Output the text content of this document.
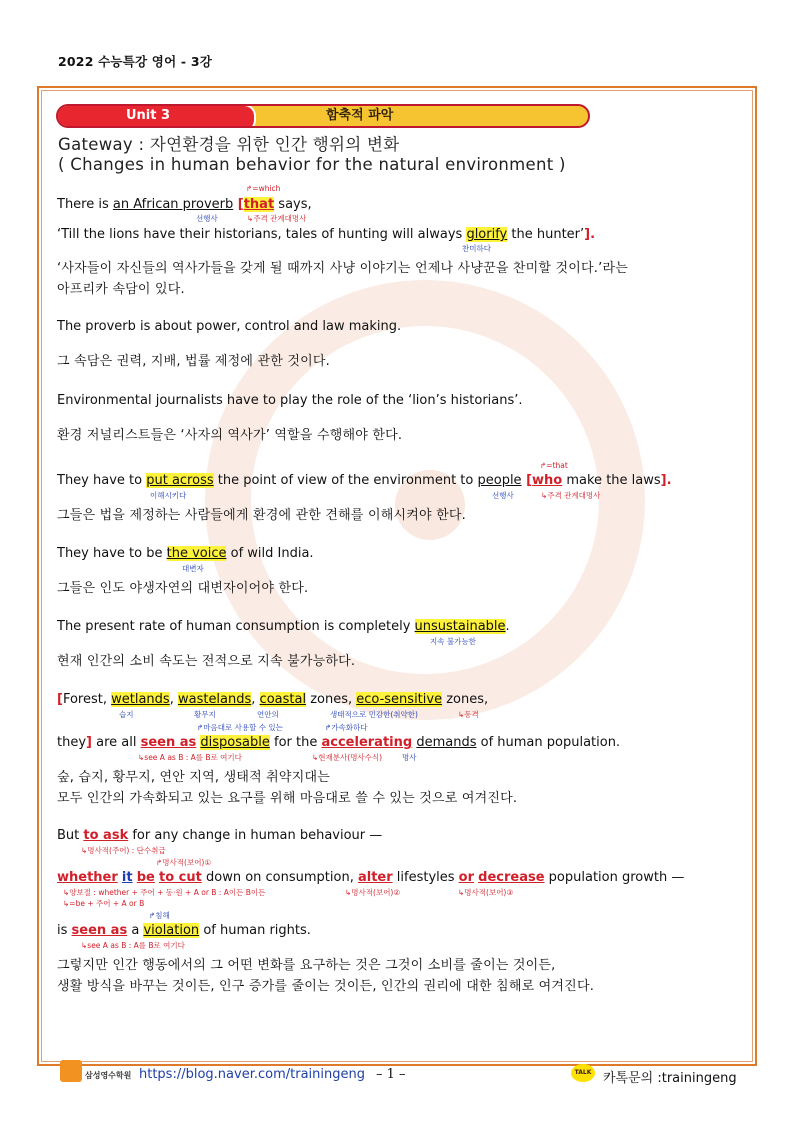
2022 수능특강 영어 - 3강
Unit 3	함축적 파악
Gateway : 자연환경을 위한 인간 행위의 변화
( Changes in human behavior for the natural environment )
↱=which
There is an African proverb [that says,
선행사	↳주격 관계대명사
‘Till the lions have their historians, tales of hunting will always glorify the hunter’].
찬미하다
‘사자들이 자신들의 역사가들을 갖게 될 때까지 사냥 이야기는 언제나 사냥꾼을 찬미할 것이다.’라는
아프리카 속담이 있다.
The proverb is about power, control and law making.
그 속담은 권력, 지배, 법률 제정에 관한 것이다.
Environmental journalists have to play the role of the ‘lion’s historians’.
환경 저널리스트들은 ‘사자의 역사가’ 역할을 수행해야 한다.
↱=that
They have to put across the point of view of the environment to people [who make the laws].
이해시키다	선행사	↳주격 관계대명사
그들은 법을 제정하는 사람들에게 환경에 관한 견해를 이해시켜야 한다.
They have to be the voice of wild India.
대변자
그들은 인도 야생자연의 대변자이어야 한다.
The present rate of human consumption is completely unsustainable.
지속 불가능한
현재 인간의 소비 속도는 전적으로 지속 불가능하다.
[Forest, wetlands, wastelands, coastal zones, eco-sensitive zones,
습지	황무지	연안의	생태적으로 민감한(취약한)	↳동격
↱마음대로 사용할 수 있는	↱가속화하다
they] are all seen as disposable for the accelerating demands of human population.
↳see A as B : A를 B로 여기다	↳현재분사(명사수식)	명사
숲, 습지, 황무지, 연안 지역, 생태적 취약지대는
모두 인간의 가속화되고 있는 요구를 위해 마음대로 쓸 수 있는 것으로 여겨진다.
But to ask for any change in human behaviour —
↳명사적(주어) : 단수취급
↱명사적(보어)①
whether it be to cut down on consumption, alter lifestyles or decrease population growth —
↳양보절 : whether + 주어 + 동·원 + A or B : A이든 B이든
↳=be + 주어 + A or B
↳명사적(보어)②	↳명사적(보어)③
↱침해
is seen as a violation of human rights.
↳see A as B : A를 B로 여기다
그렇지만 인간 행동에서의 그 어떤 변화를 요구하는 것은 그것이 소비를 줄이는 것이든,
생활 방식을 바꾸는 것이든, 인구 증가를 줄이는 것이든, 인간의 권리에 대한 침해로 여겨진다.
삼성영수학원 https://blog.naver.com/trainingeng – 1 –	TALK 카톡문의 :trainingeng
